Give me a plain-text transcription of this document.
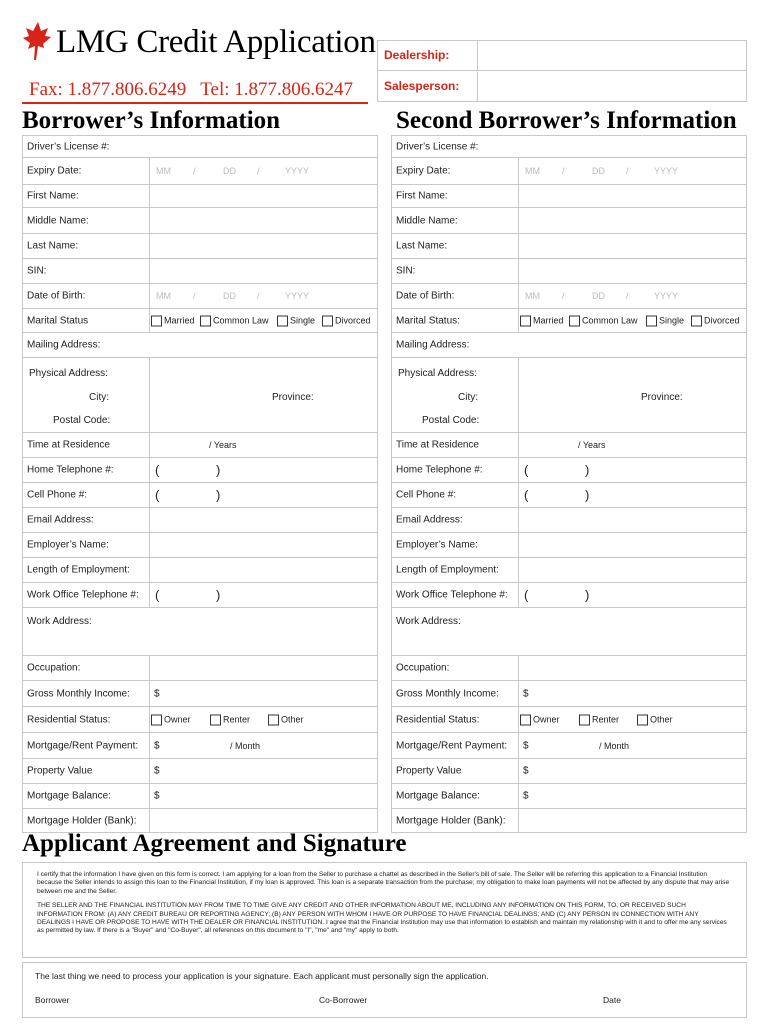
LMG Credit Application
Fax: 1.877.806.6249 Tel: 1.877.806.6247
Dealership:
Salesperson:
Borrower’s Information	Second Borrower’s Information
Driver’s License #:
Expiry Date:	MM /	DD /	YYYY
First Name:
Middle Name:
Last Name:
SIN:
Date of Birth:	MM /	DD /	YYYY
Marital Status	Married Common Law Single Divorced
Mailing Address:
Physical Address:
City:	Province:
Postal Code:
Time at Residence	/ Years
Home Telephone #:	(	)
Cell Phone #:	(	)
Email Address:
Employer’s Name:
Length of Employment:
Work Office Telephone #: (	)
Work Address:
Occupation:
Gross Monthly Income: $
Residential Status:	Owner	Renter	Other
Mortgage/Rent Payment: $	/ Month
Property Value	$
Mortgage Balance:	$
Mortgage Holder (Bank):
Driver’s License #:
Expiry Date:	MM /	DD /	YYYY
First Name:
Middle Name:
Last Name:
SIN:
Date of Birth:	MM /	DD /	YYYY
Marital Status:	Married Common Law Single Divorced
Mailing Address:
Physical Address:
City:	Province:
Postal Code:
Time at Residence	/ Years
Home Telephone #:	(	)
Cell Phone #:	(	)
Email Address:
Employer’s Name:
Length of Employment:
Work Office Telephone #: (	)
Work Address:
Occupation:
Gross Monthly Income: $
Residential Status:	Owner	Renter	Other
Mortgage/Rent Payment: $	/ Month
Property Value	$
Mortgage Balance:	$
Mortgage Holder (Bank):
Applicant Agreement and Signature

I certify that the information I have given on this form is correct. I am applying for a loan from the Seller to purchase a chattel as described in the Seller's bill of sale. The Seller will be referring this application to a Financial Institution because the Seller intends to assign this loan to the Financial Institution, if my loan is approved. This loan is a separate transaction from the purchase; my obligation to make loan payments will not be affected by any dispute that may arise between me and the Seller.

THE SELLER AND THE FINANCIAL INSTITUTION MAY FROM TIME TO TIME GIVE ANY CREDIT AND OTHER INFORMATION ABOUT ME, INCLUDING ANY INFORMATION ON THIS FORM, TO, OR RECEIVED SUCH INFORMATION FROM: (A) ANY CREDIT BUREAU OR REPORTING AGENCY; (B) ANY PERSON WITH WHOM I HAVE OR PURPOSE TO HAVE FINANCIAL DEALINGS; AND (C) ANY PERSON IN CONNECTION WITH ANY DEALINGS I HAVE OR PROPOSE TO HAVE WITH THE DEALER OR FINANCIAL INSTITUTION. I agree that the Financial Institution may use that information to establish and maintain my relationship with it and to offer me any services as permitted by law. If there is a "Buyer" and "Co-Buyer", all references on this document to "I", "me" and "my" apply to both.

The last thing we need to process your application is your signature. Each applicant must personally sign the application.
Borrower	Co-Borrower	Date
